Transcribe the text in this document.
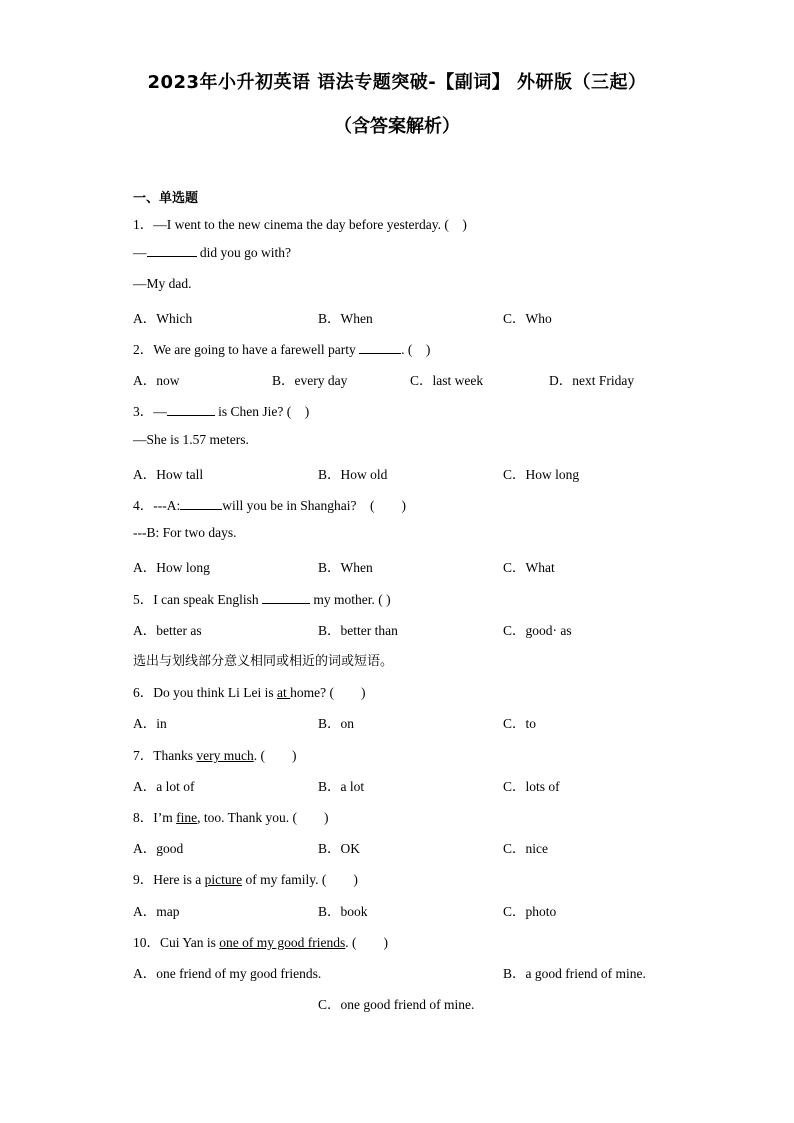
2023年小升初英语 语法专题突破-【副词】 外研版（三起）
（含答案解析）
一、单选题
1．—I went to the new cinema the day before yesterday. (　)
—	did you go with?
—My dad.
A．Which	B．When	C．Who
2．We are going to have a farewell party	. (　)
A．now	B．every day	C．last week	D．next Friday
3．—	is Chen Jie? (　)
—She is 1.57 meters.
A．How tall	B．How old	C．How long
4．---A:	will you be in Shanghai?　(　　)
---B: For two days.
A．How long	B．When	C．What
5．I can speak English	my mother. ( )
A．better as	B．better than	C．good· as
选出与划线部分意义相同或相近的词或短语。
6．Do you think Li Lei is at home? (　　)
A．in	B．on	C．to
7．Thanks very much. (　　)
A．a lot of	B．a lot	C．lots of
8．I’m fine, too. Thank you. (　　)
A．good	B．OK	C．nice
9．Here is a picture of my family. (　　)
A．map	B．book	C．photo
10．Cui Yan is one of my good friends. (　　)
A．one friend of my good friends.	B．a good friend of mine.
C．one good friend of mine.
